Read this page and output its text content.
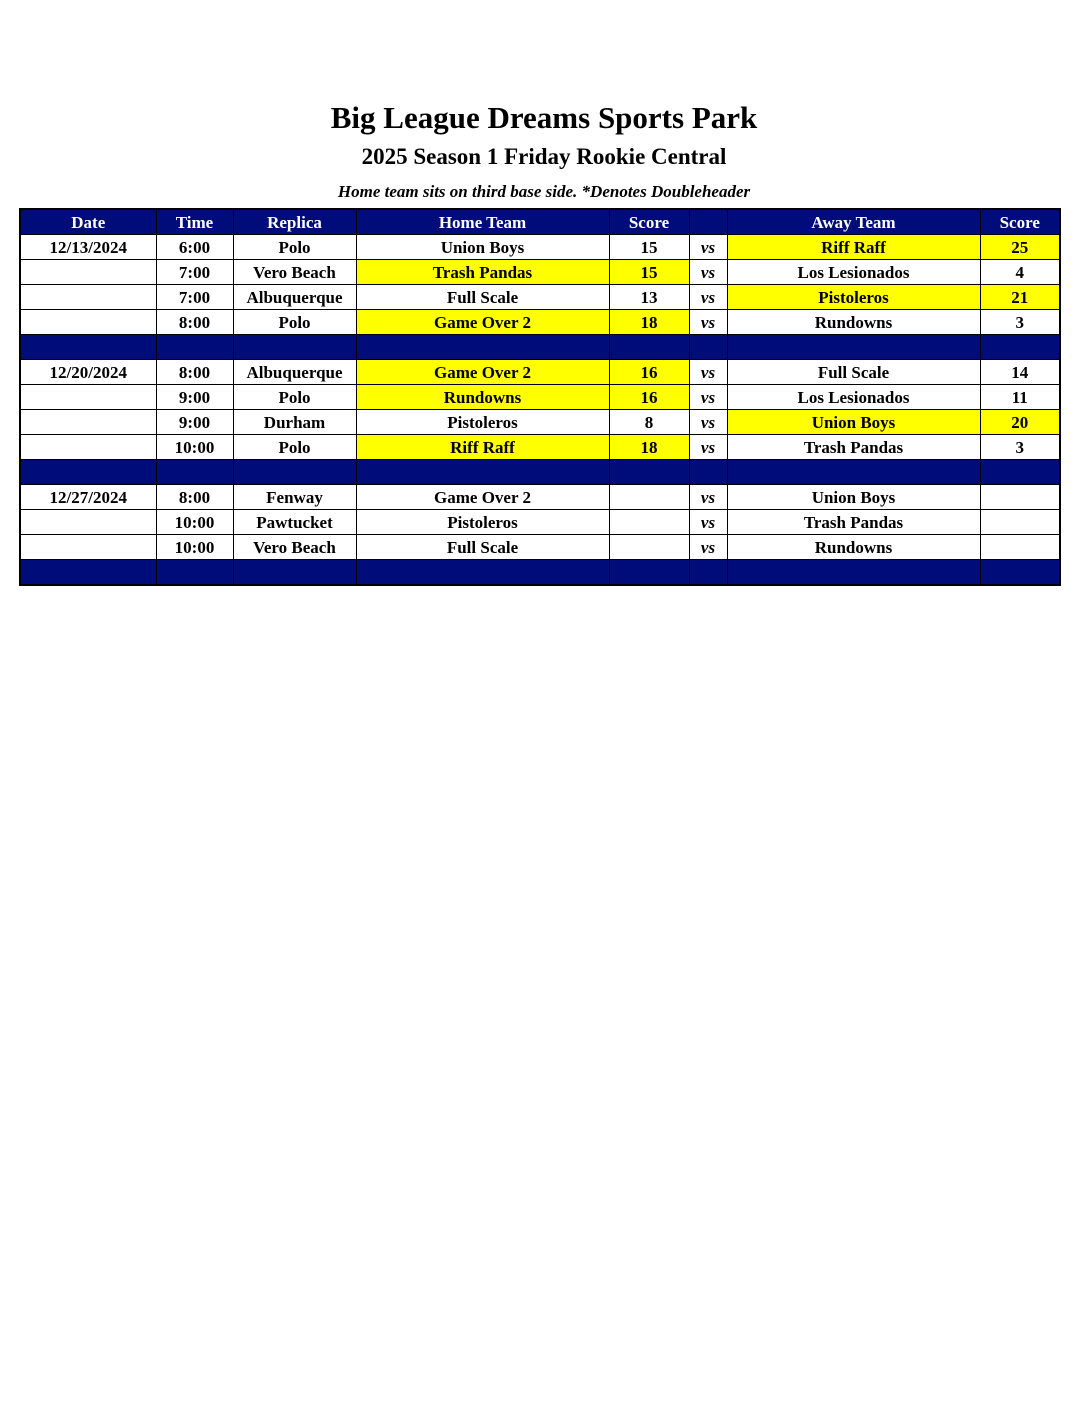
Big League Dreams Sports Park
2025 Season 1 Friday Rookie Central
Home team sits on third base side. *Denotes Doubleheader
Date	Time	Replica	Home Team	Score		Away Team	Score
12/13/2024	6:00	Polo	Union Boys	15	vs	Riff Raff	25
	7:00	Vero Beach	Trash Pandas	15	vs	Los Lesionados	4
	7:00	Albuquerque	Full Scale	13	vs	Pistoleros	21
	8:00	Polo	Game Over 2	18	vs	Rundowns	3

12/20/2024	8:00	Albuquerque	Game Over 2	16	vs	Full Scale	14
	9:00	Polo	Rundowns	16	vs	Los Lesionados	11
	9:00	Durham	Pistoleros	8	vs	Union Boys	20
	10:00	Polo	Riff Raff	18	vs	Trash Pandas	3

12/27/2024	8:00	Fenway	Game Over 2		vs	Union Boys	
	10:00	Pawtucket	Pistoleros		vs	Trash Pandas	
	10:00	Vero Beach	Full Scale		vs	Rundowns	
